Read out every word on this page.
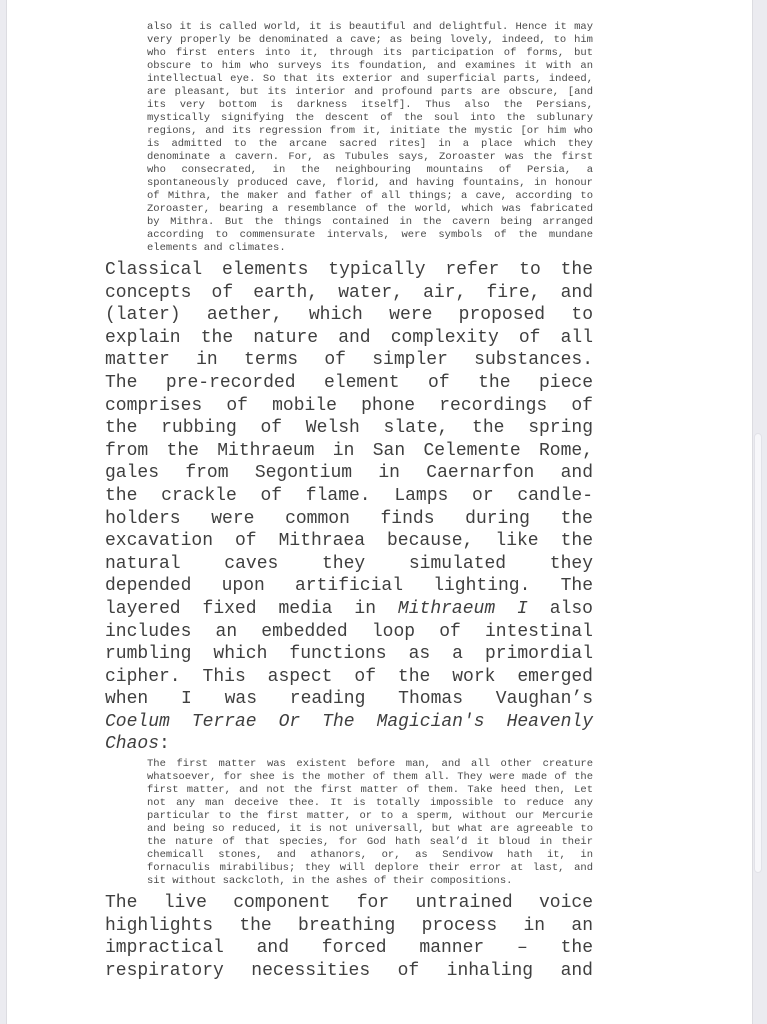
also it is called world, it is beautiful and delightful. Hence it may
very properly be denominated a cave; as being lovely, indeed, to him
who first enters into it, through its participation of forms, but
obscure to him who surveys its foundation, and examines it with an
intellectual eye. So that its exterior and superficial parts, indeed,
are pleasant, but its interior and profound parts are obscure, [and
its very bottom is darkness itself]. Thus also the Persians,
mystically signifying the descent of the soul into the sublunary
regions, and its regression from it, initiate the mystic [or him who
is admitted to the arcane sacred rites] in a place which they
denominate a cavern. For, as Tubules says, Zoroaster was the first
who consecrated, in the neighbouring mountains of Persia, a
spontaneously produced cave, florid, and having fountains, in honour
of Mithra, the maker and father of all things; a cave, according to
Zoroaster, bearing a resemblance of the world, which was fabricated
by Mithra. But the things contained in the cavern being arranged
according to commensurate intervals, were symbols of the mundane
elements and climates.
Classical elements typically refer to the
concepts of earth, water, air, fire, and
(later) aether, which were proposed to
explain the nature and complexity of all
matter in terms of simpler substances.
The pre-recorded element of the piece
comprises of mobile phone recordings of
the rubbing of Welsh slate, the spring
from the Mithraeum in San Celemente Rome,
gales from Segontium in Caernarfon and
the crackle of flame. Lamps or candle-
holders were common finds during the
excavation of Mithraea because, like the
natural caves they simulated they
depended upon artificial lighting. The
layered fixed media in Mithraeum I also
includes an embedded loop of intestinal
rumbling which functions as a primordial
cipher. This aspect of the work emerged
when I was reading Thomas Vaughan’s
Coelum Terrae Or The Magician's Heavenly
Chaos:
The first matter was existent before man, and all other creature
whatsoever, for shee is the mother of them all. They were made of the
first matter, and not the first matter of them. Take heed then, Let
not any man deceive thee. It is totally impossible to reduce any
particular to the first matter, or to a sperm, without our Mercurie
and being so reduced, it is not universall, but what are agreeable to
the nature of that species, for God hath seal’d it bloud in their
chemicall stones, and athanors, or, as Sendivow hath it, in
fornaculis mirabilibus; they will deplore their error at last, and
sit without sackcloth, in the ashes of their compositions.
The live component for untrained voice
highlights the breathing process in an
impractical and forced manner – the
respiratory necessities of inhaling and
